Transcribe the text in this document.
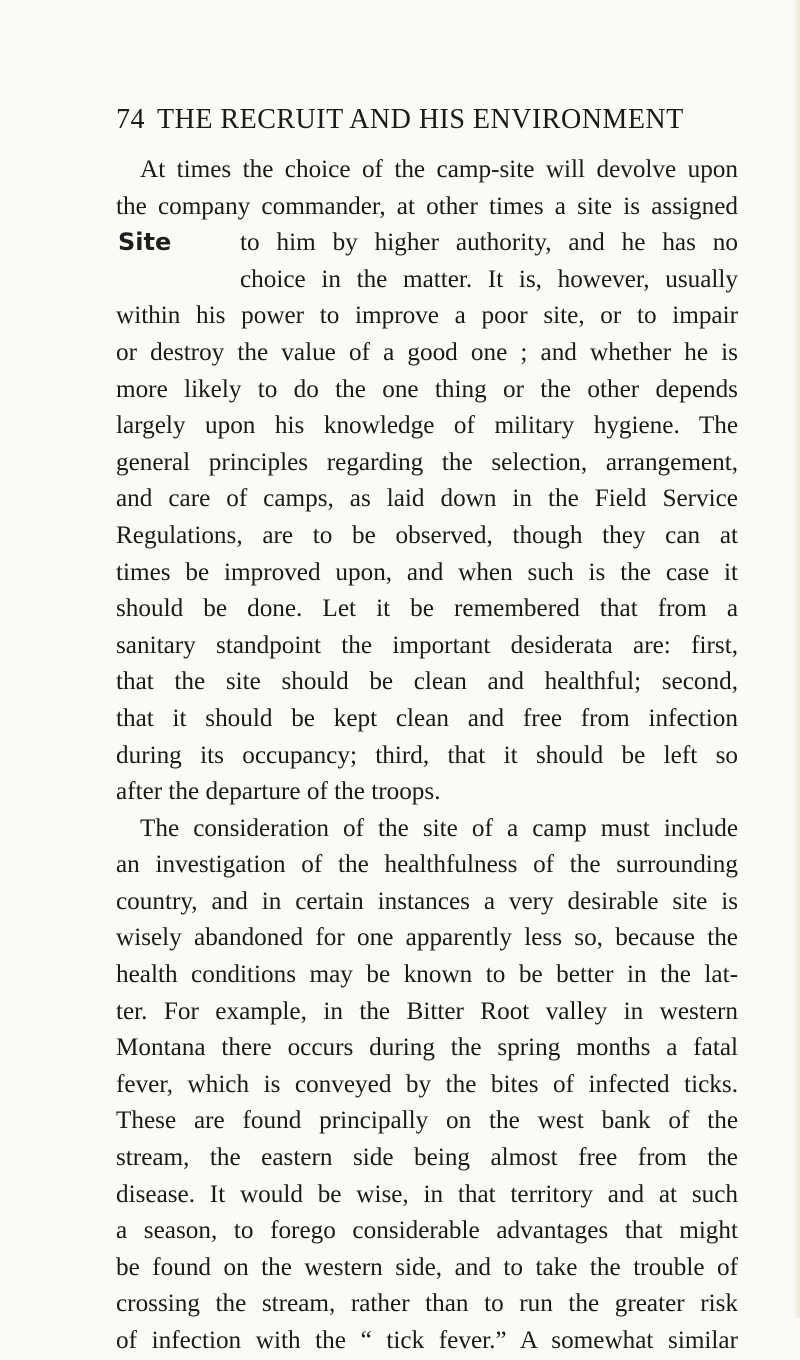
74 THE RECRUIT AND HIS ENVIRONMENT
Site
At times the choice of the camp-site will devolve upon
the company commander, at other times a site is assigned
to him by higher authority, and he has no
choice in the matter. It is, however, usually
within his power to improve a poor site, or to impair
or destroy the value of a good one ; and whether he is
more likely to do the one thing or the other depends
largely upon his knowledge of military hygiene. The
general principles regarding the selection, arrangement,
and care of camps, as laid down in the Field Service
Regulations, are to be observed, though they can at
times be improved upon, and when such is the case it
should be done. Let it be remembered that from a
sanitary standpoint the important desiderata are: first,
that the site should be clean and healthful; second,
that it should be kept clean and free from infection
during its occupancy; third, that it should be left so
after the departure of the troops.
The consideration of the site of a camp must include
an investigation of the healthfulness of the surrounding
country, and in certain instances a very desirable site is
wisely abandoned for one apparently less so, because the
health conditions may be known to be better in the lat-
ter. For example, in the Bitter Root valley in western
Montana there occurs during the spring months a fatal
fever, which is conveyed by the bites of infected ticks.
These are found principally on the west bank of the
stream, the eastern side being almost free from the
disease. It would be wise, in that territory and at such
a season, to forego considerable advantages that might
be found on the western side, and to take the trouble of
crossing the stream, rather than to run the greater risk
of infection with the “ tick fever.” A somewhat similar
